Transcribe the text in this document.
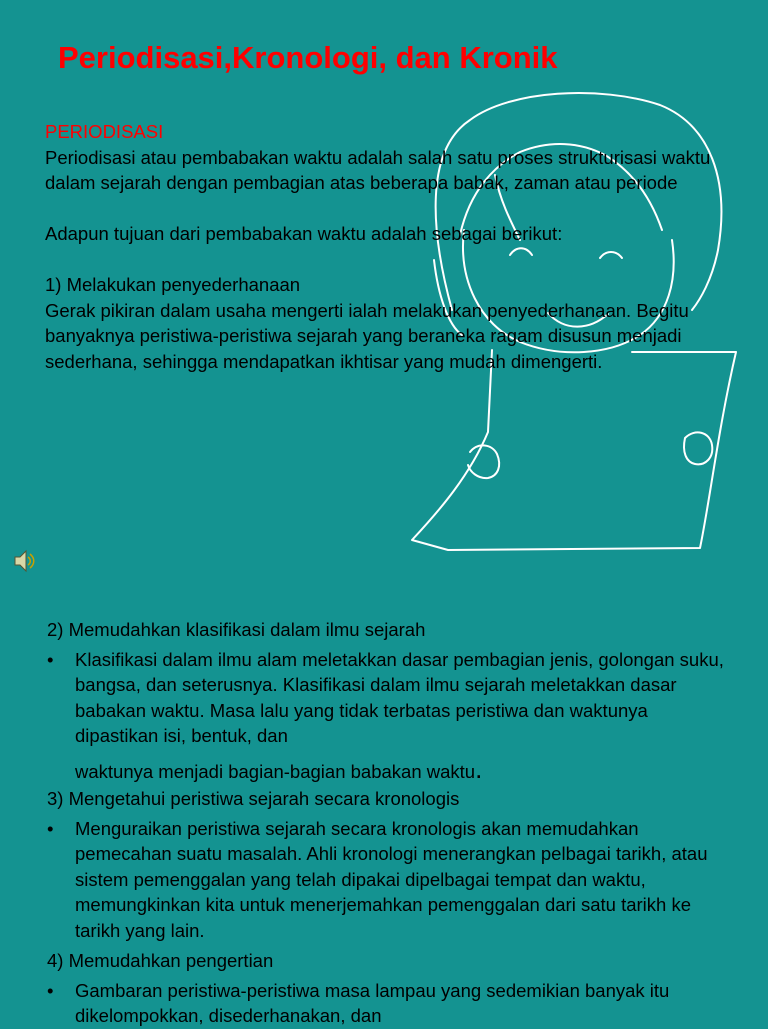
Periodisasi,Kronologi, dan Kronik

PERIODISASI

Periodisasi atau pembabakan waktu adalah salah satu proses strukturisasi waktu dalam sejarah dengan pembagian atas beberapa babak, zaman atau periode

Adapun tujuan dari pembabakan waktu adalah sebagai berikut:

1) Melakukan penyederhanaan

Gerak pikiran dalam usaha mengerti ialah melakukan penyederhanaan. Begitu banyaknya peristiwa-peristiwa sejarah yang beraneka ragam disusun menjadi sederhana, sehingga mendapatkan ikhtisar yang mudah dimengerti.

2) Memudahkan klasifikasi dalam ilmu sejarah

• Klasifikasi dalam ilmu alam meletakkan dasar pembagian jenis, golongan suku, bangsa, dan seterusnya. Klasifikasi dalam ilmu sejarah meletakkan dasar babakan waktu. Masa lalu yang tidak terbatas peristiwa dan waktunya dipastikan isi, bentuk, dan
waktunya menjadi bagian-bagian babakan waktu.

3) Mengetahui peristiwa sejarah secara kronologis

• Menguraikan peristiwa sejarah secara kronologis akan memudahkan pemecahan suatu masalah. Ahli kronologi menerangkan pelbagai tarikh, atau sistem pemenggalan yang telah dipakai dipelbagai tempat dan waktu, memungkinkan kita untuk menerjemahkan pemenggalan dari satu tarikh ke tarikh yang lain.

4) Memudahkan pengertian

• Gambaran peristiwa-peristiwa masa lampau yang sedemikian banyak itu dikelompokkan, disederhanakan, dan
